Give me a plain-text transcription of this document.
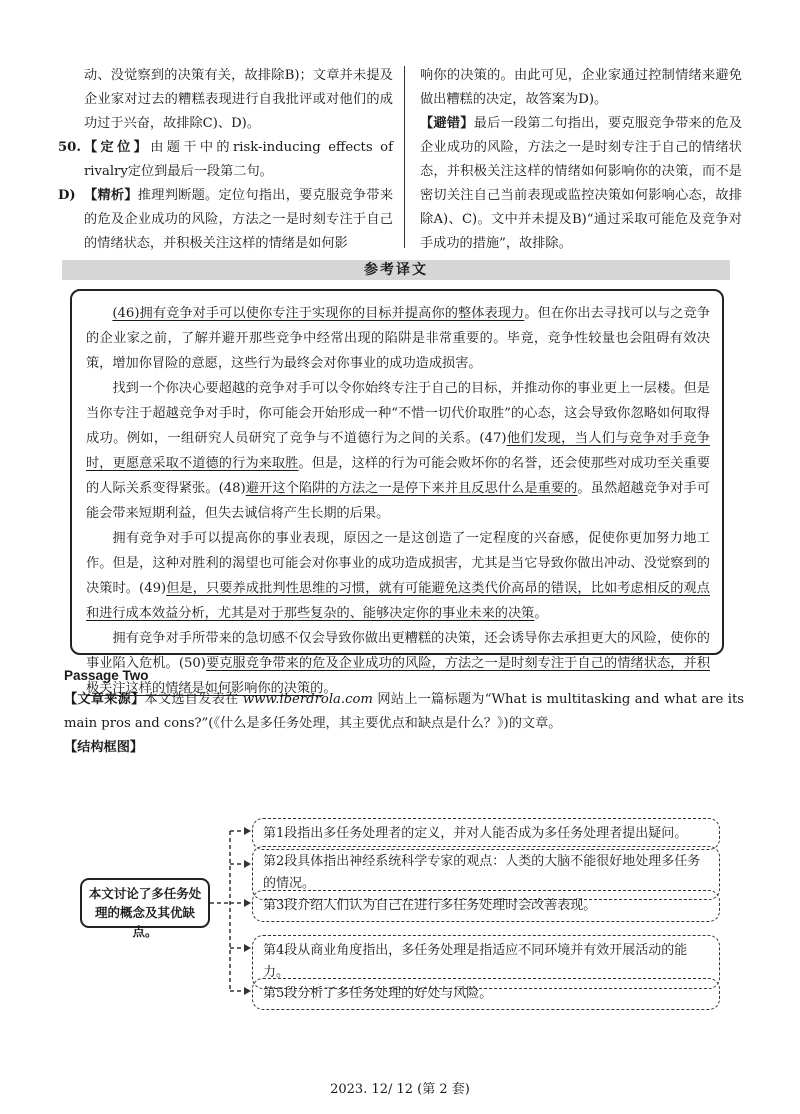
动、没觉察到的决策有关，故排除B)；文章并未提及企业家对过去的糟糕表现进行自我批评或对他们的成功过于兴奋，故排除C)、D)。

50. 【定位】由题干中的risk-inducing effects of rivalry定位到最后一段第二句。
D) 【精析】推理判断题。定位句指出，要克服竞争带来的危及企业成功的风险，方法之一是时刻专注于自己的情绪状态，并积极关注这样的情绪是如何影

响你的决策的。由此可见，企业家通过控制情绪来避免做出糟糕的决定，故答案为D)。

【避错】最后一段第二句指出，要克服竞争带来的危及企业成功的风险，方法之一是时刻专注于自己的情绪状态，并积极关注这样的情绪如何影响你的决策，而不是密切关注自己当前表现或监控决策如何影响心态，故排除A)、C)。文中并未提及B)“通过采取可能危及竞争对手成功的措施”，故排除。

参考译文

(46)拥有竞争对手可以使你专注于实现你的目标并提高你的整体表现力。但在你出去寻找可以与之竞争的企业家之前，了解并避开那些竞争中经常出现的陷阱是非常重要的。毕竟，竞争性较量也会阻碍有效决策，增加你冒险的意愿，这些行为最终会对你事业的成功造成损害。

找到一个你决心要超越的竞争对手可以令你始终专注于自己的目标，并推动你的事业更上一层楼。但是当你专注于超越竞争对手时，你可能会开始形成一种“不惜一切代价取胜”的心态，这会导致你忽略如何取得成功。例如，一组研究人员研究了竞争与不道德行为之间的关系。(47)他们发现，当人们与竞争对手竞争时，更愿意采取不道德的行为来取胜。但是，这样的行为可能会败坏你的名誉，还会使那些对成功至关重要的人际关系变得紧张。(48)避开这个陷阱的方法之一是停下来并且反思什么是重要的。虽然超越竞争对手可能会带来短期利益，但失去诚信将产生长期的后果。

拥有竞争对手可以提高你的事业表现，原因之一是这创造了一定程度的兴奋感，促使你更加努力地工作。但是，这种对胜利的渴望也可能会对你事业的成功造成损害，尤其是当它导致你做出冲动、没觉察到的决策时。(49)但是，只要养成批判性思维的习惯，就有可能避免这类代价高昂的错误，比如考虑相反的观点和进行成本效益分析，尤其是对于那些复杂的、能够决定你的事业未来的决策。

拥有竞争对手所带来的急切感不仅会导致你做出更糟糕的决策，还会诱导你去承担更大的风险，使你的事业陷入危机。(50)要克服竞争带来的危及企业成功的风险，方法之一是时刻专注于自己的情绪状态，并积极关注这样的情绪是如何影响你的决策的。

Passage Two

【文章来源】本文选自发表在 www.iberdrola.com 网站上一篇标题为“What is multitasking and what are its main pros and cons?”(《什么是多任务处理，其主要优点和缺点是什么？》)的文章。

【结构框图】

本文讨论了多任务处理的概念及其优缺点。
第1段指出多任务处理者的定义，并对人能否成为多任务处理者提出疑问。
第2段具体指出神经系统科学专家的观点：人类的大脑不能很好地处理多任务的情况。
第3段介绍人们认为自己在进行多任务处理时会改善表现。
第4段从商业角度指出，多任务处理是指适应不同环境并有效开展活动的能力。
第5段分析了多任务处理的好处与风险。
2023. 12/ 12 (第 2 套)
